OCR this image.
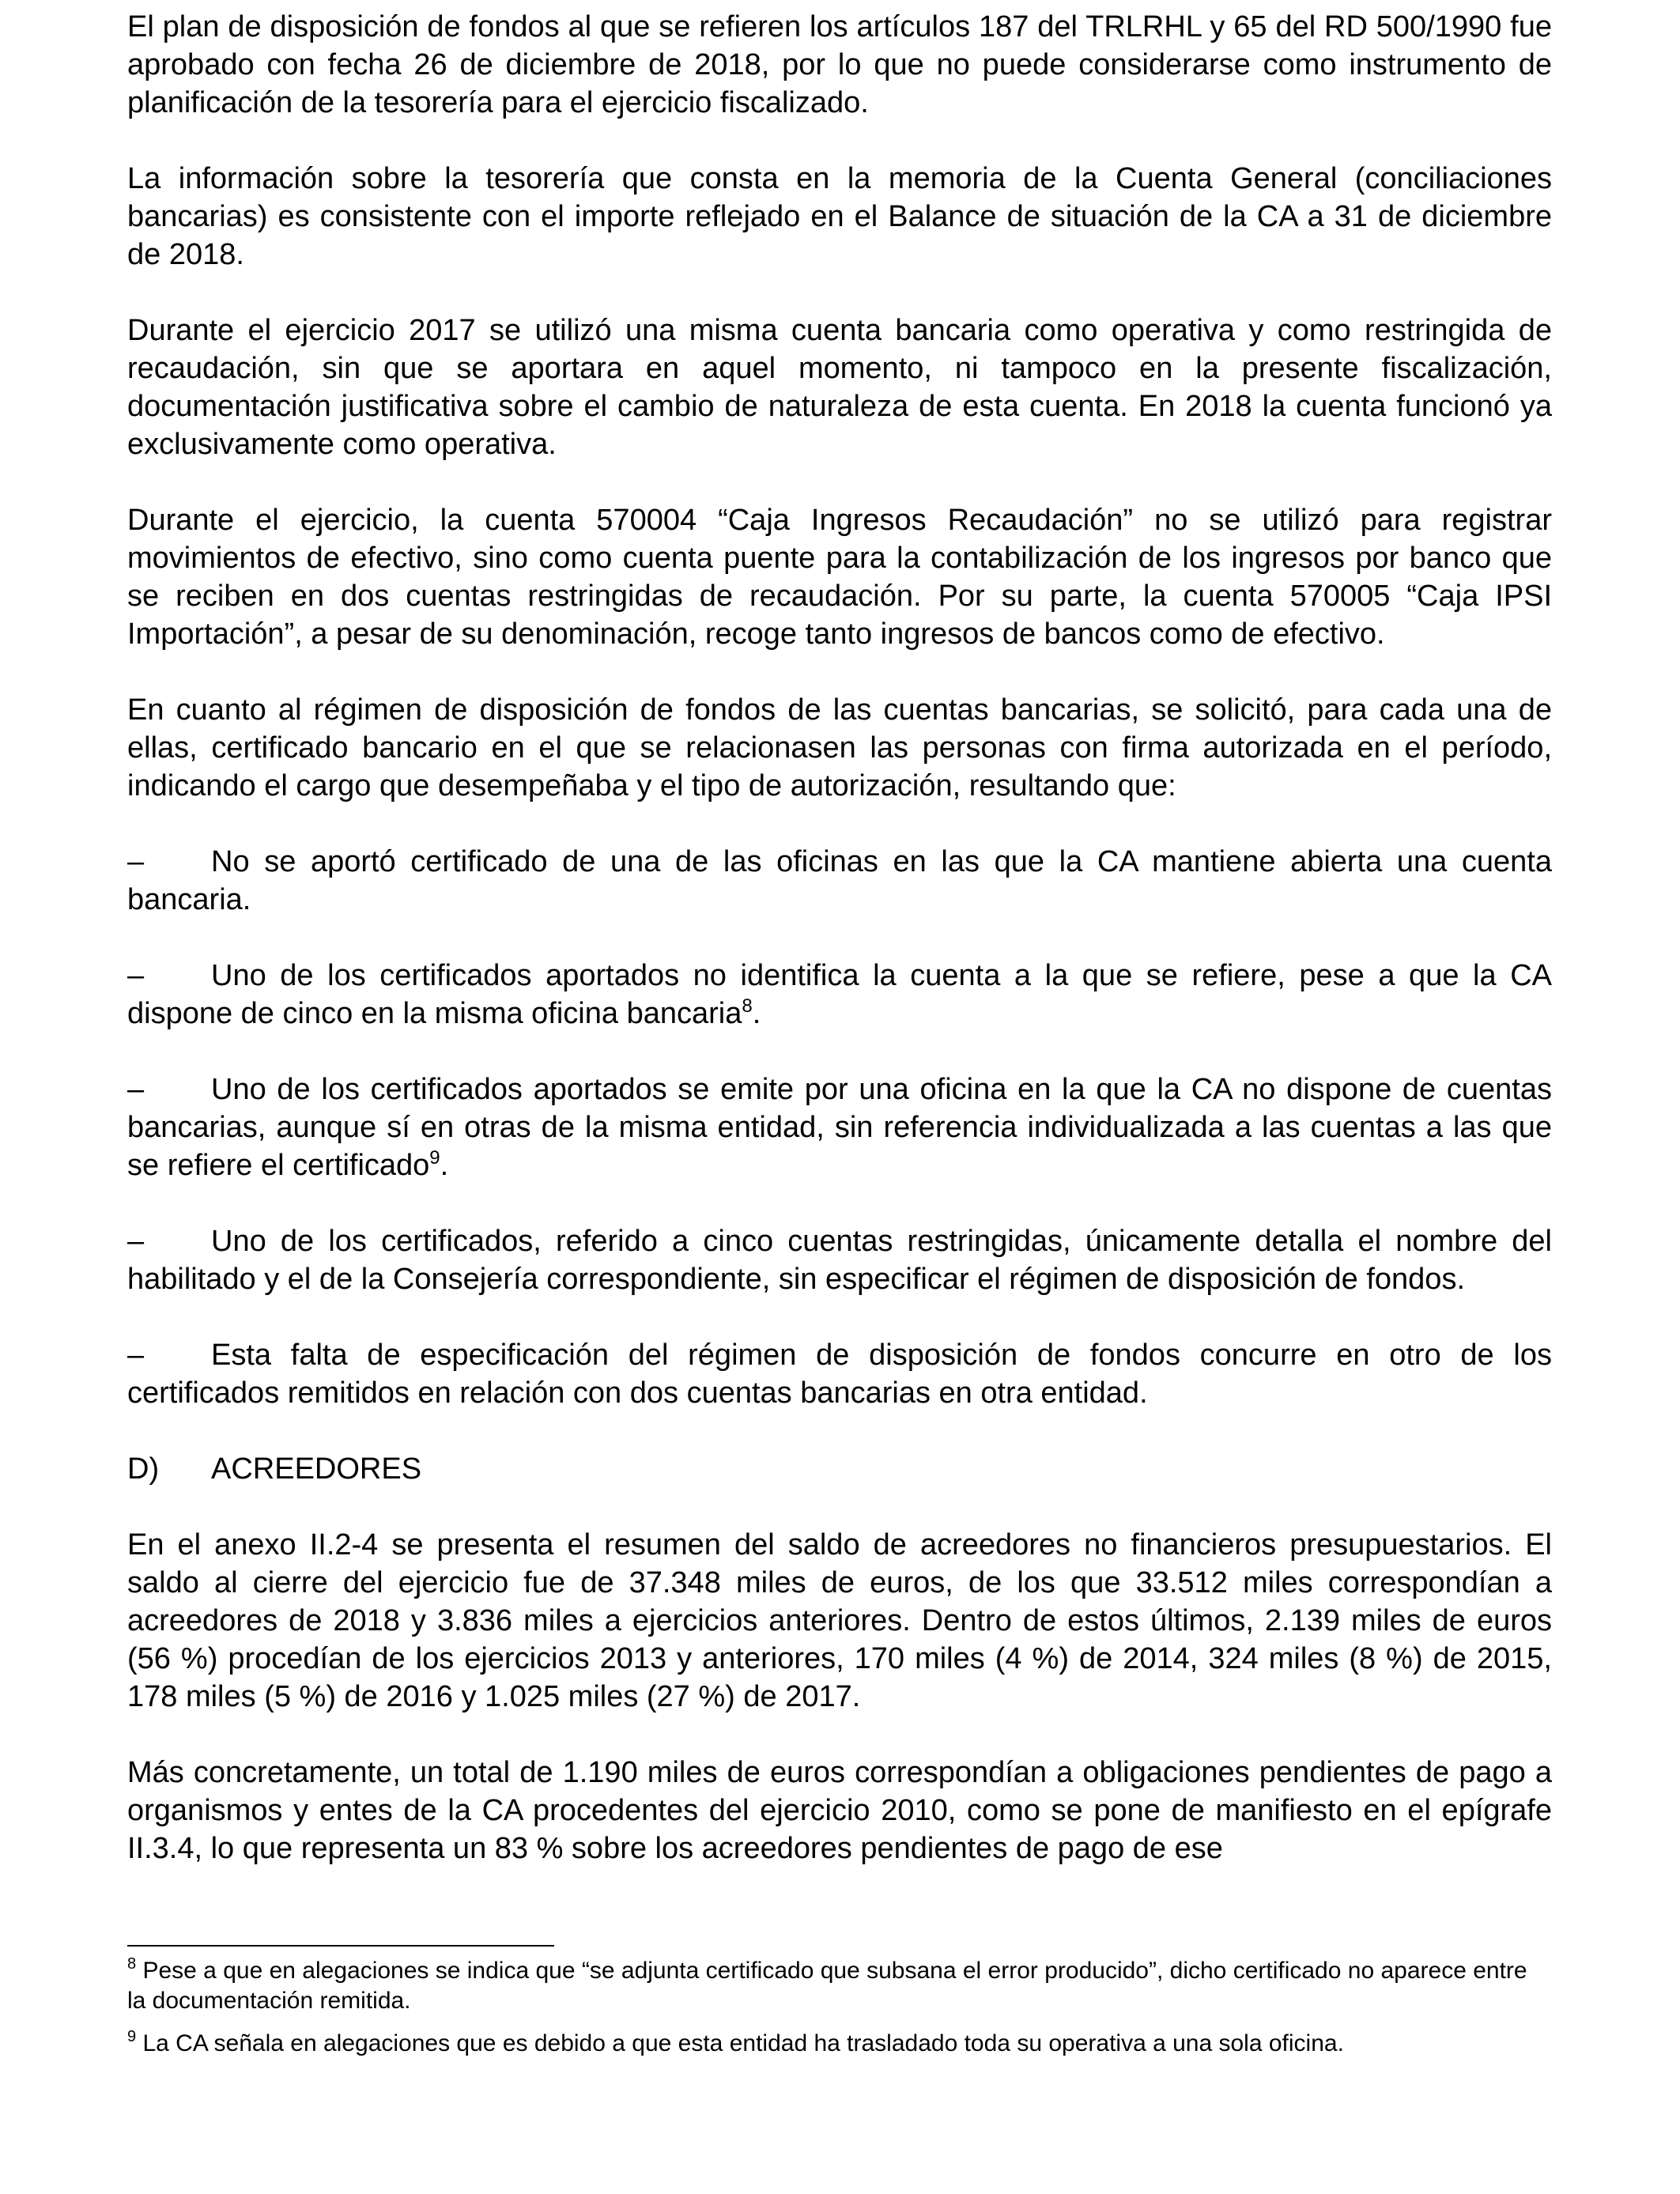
El plan de disposición de fondos al que se refieren los artículos 187 del TRLRHL y 65 del RD 500/1990 fue aprobado con fecha 26 de diciembre de 2018, por lo que no puede considerarse como instrumento de planificación de la tesorería para el ejercicio fiscalizado.

La información sobre la tesorería que consta en la memoria de la Cuenta General (conciliaciones bancarias) es consistente con el importe reflejado en el Balance de situación de la CA a 31 de diciembre de 2018.

Durante el ejercicio 2017 se utilizó una misma cuenta bancaria como operativa y como restringida de recaudación, sin que se aportara en aquel momento, ni tampoco en la presente fiscalización, documentación justificativa sobre el cambio de naturaleza de esta cuenta. En 2018 la cuenta funcionó ya exclusivamente como operativa.

Durante el ejercicio, la cuenta 570004 “Caja Ingresos Recaudación” no se utilizó para registrar movimientos de efectivo, sino como cuenta puente para la contabilización de los ingresos por banco que se reciben en dos cuentas restringidas de recaudación. Por su parte, la cuenta 570005 “Caja IPSI Importación”, a pesar de su denominación, recoge tanto ingresos de bancos como de efectivo.

En cuanto al régimen de disposición de fondos de las cuentas bancarias, se solicitó, para cada una de ellas, certificado bancario en el que se relacionasen las personas con firma autorizada en el período, indicando el cargo que desempeñaba y el tipo de autorización, resultando que:

– No se aportó certificado de una de las oficinas en las que la CA mantiene abierta una cuenta bancaria.

– Uno de los certificados aportados no identifica la cuenta a la que se refiere, pese a que la CA dispone de cinco en la misma oficina bancaria$^8$.

– Uno de los certificados aportados se emite por una oficina en la que la CA no dispone de cuentas bancarias, aunque sí en otras de la misma entidad, sin referencia individualizada a las cuentas a las que se refiere el certificado$^9$.

– Uno de los certificados, referido a cinco cuentas restringidas, únicamente detalla el nombre del habilitado y el de la Consejería correspondiente, sin especificar el régimen de disposición de fondos.

– Esta falta de especificación del régimen de disposición de fondos concurre en otro de los certificados remitidos en relación con dos cuentas bancarias en otra entidad.

D) ACREEDORES

En el anexo II.2-4 se presenta el resumen del saldo de acreedores no financieros presupuestarios. El saldo al cierre del ejercicio fue de 37.348 miles de euros, de los que 33.512 miles correspondían a acreedores de 2018 y 3.836 miles a ejercicios anteriores. Dentro de estos últimos, 2.139 miles de euros (56 %) procedían de los ejercicios 2013 y anteriores, 170 miles (4 %) de 2014, 324 miles (8 %) de 2015, 178 miles (5 %) de 2016 y 1.025 miles (27 %) de 2017.

Más concretamente, un total de 1.190 miles de euros correspondían a obligaciones pendientes de pago a organismos y entes de la CA procedentes del ejercicio 2010, como se pone de manifiesto en el epígrafe II.3.4, lo que representa un 83 % sobre los acreedores pendientes de pago de ese

$^8$ Pese a que en alegaciones se indica que “se adjunta certificado que subsana el error producido”, dicho certificado no aparece entre la documentación remitida.

$^9$ La CA señala en alegaciones que es debido a que esta entidad ha trasladado toda su operativa a una sola oficina.
